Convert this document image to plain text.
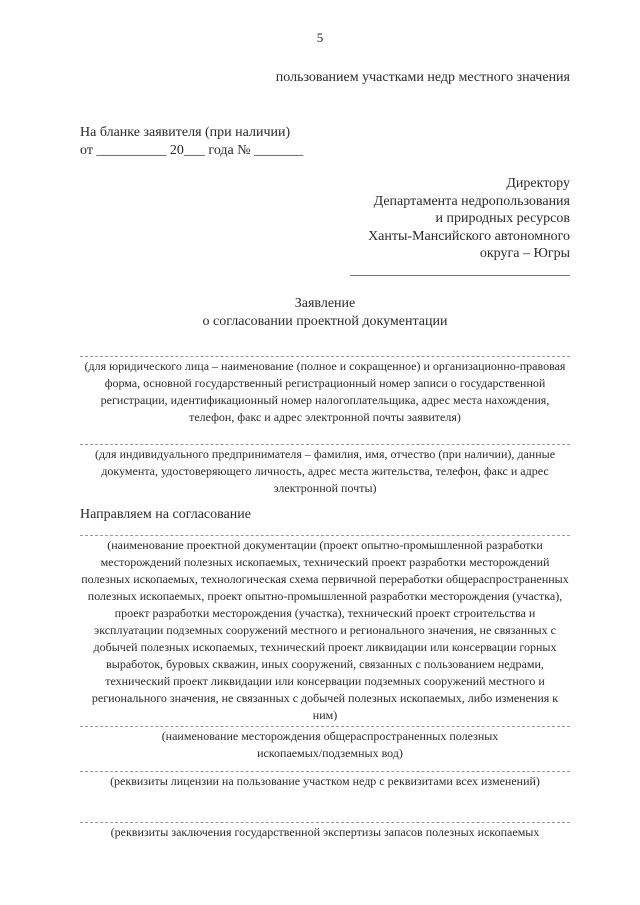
5
пользованием участками недр местного значения
На бланке заявителя (при наличии)
от __________ 20___ года № _______
Директору
Департамента недропользования
и природных ресурсов
Ханты-Мансийского автономного
округа – Югры
Заявление
о согласовании проектной документации
(для юридического лица – наименование (полное и сокращенное) и организационно-правовая форма, основной государственный регистрационный номер записи о государственной регистрации, идентификационный номер налогоплательщика, адрес места нахождения, телефон, факс и адрес электронной почты заявителя)
(для индивидуального предпринимателя – фамилия, имя, отчество (при наличии), данные документа, удостоверяющего личность, адрес места жительства, телефон, факс и адрес электронной почты)
Направляем на согласование
(наименование проектной документации (проект опытно-промышленной разработки месторождений полезных ископаемых, технический проект разработки месторождений полезных ископаемых, технологическая схема первичной переработки общераспространенных полезных ископаемых, проект опытно-промышленной разработки месторождения (участка), проект разработки месторождения (участка), технический проект строительства и эксплуатации подземных сооружений местного и регионального значения, не связанных с добычей полезных ископаемых, технический проект ликвидации или консервации горных выработок, буровых скважин, иных сооружений, связанных с пользованием недрами, технический проект ликвидации или консервации подземных сооружений местного и регионального значения, не связанных с добычей полезных ископаемых, либо изменения к ним)
(наименование месторождения общераспространенных полезных ископаемых/подземных вод)
(реквизиты лицензии на пользование участком недр с реквизитами всех изменений)
(реквизиты заключения государственной экспертизы запасов полезных ископаемых
